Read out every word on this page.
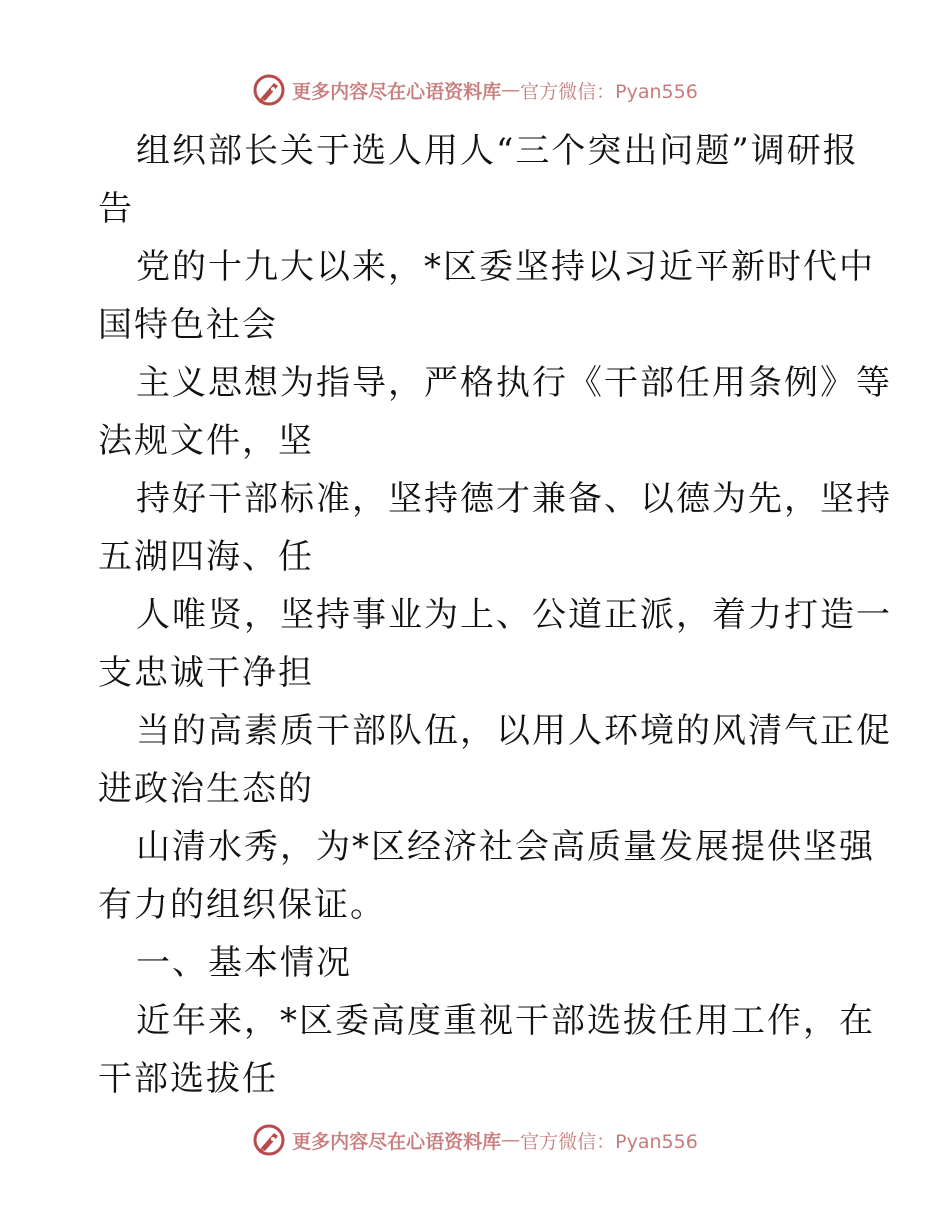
更多内容尽在心语资料库 — 官方微信：Pyan556
组织部长关于选人用人“三个突出问题”调研报
告
党的十九大以来，*区委坚持以习近平新时代中
国特色社会
主义思想为指导，严格执行《干部任用条例》等
法规文件，坚
持好干部标准，坚持德才兼备、以德为先，坚持
五湖四海、任
人唯贤，坚持事业为上、公道正派，着力打造一
支忠诚干净担
当的高素质干部队伍，以用人环境的风清气正促
进政治生态的
山清水秀，为*区经济社会高质量发展提供坚强
有力的组织保证。
一、基本情况
近年来，*区委高度重视干部选拔任用工作，在
干部选拔任
更多内容尽在心语资料库 — 官方微信：Pyan556
